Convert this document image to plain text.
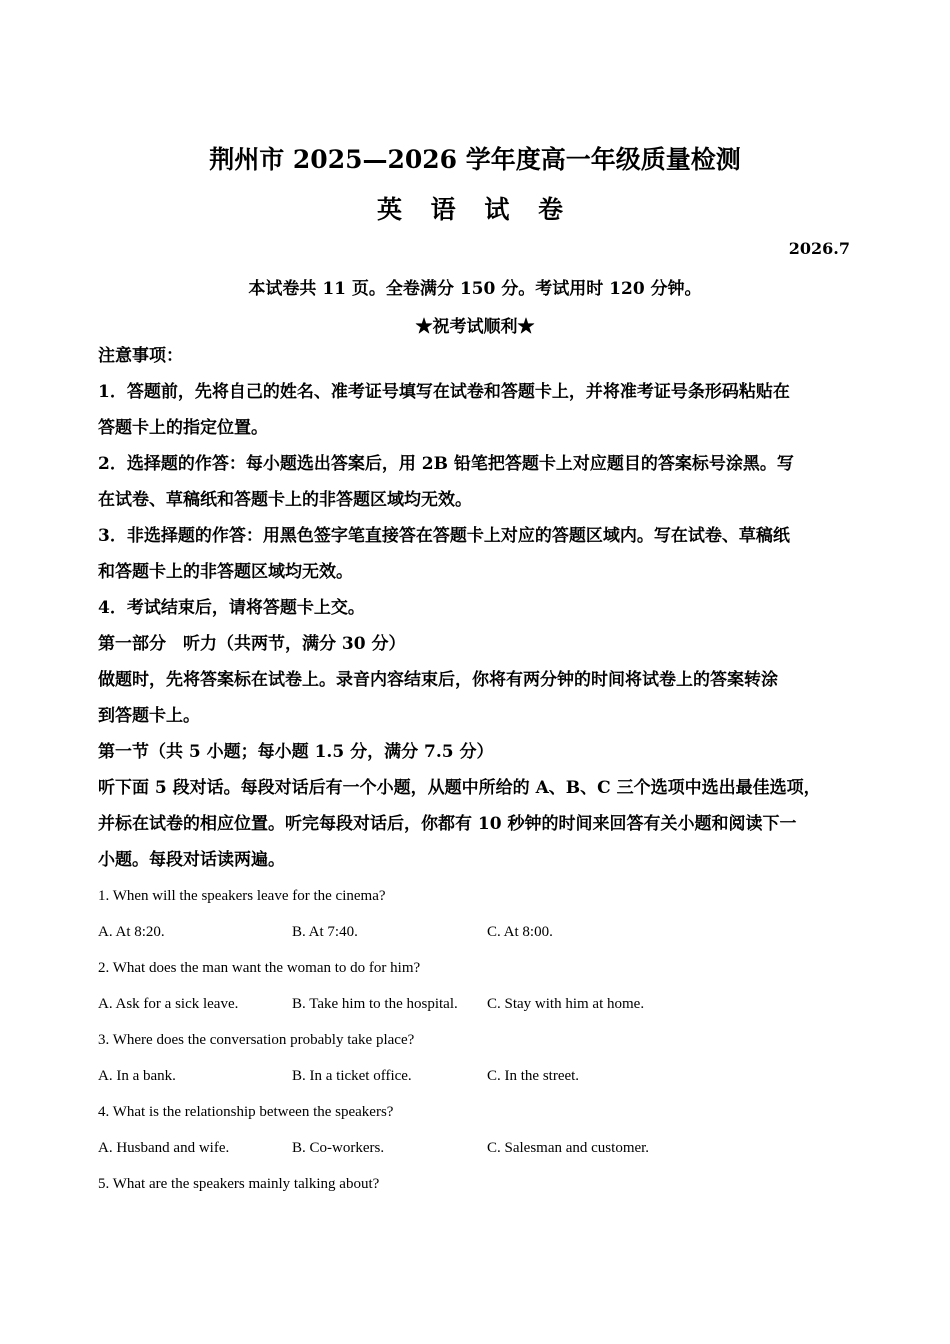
荆州市 2025—2026 学年度高一年级质量检测
英 语 试 卷
2026.7
本试卷共 11 页。全卷满分 150 分。考试用时 120 分钟。
★祝考试顺利★
注意事项：
1．答题前，先将自己的姓名、准考证号填写在试卷和答题卡上，并将准考证号条形码粘贴在
答题卡上的指定位置。
2．选择题的作答：每小题选出答案后，用 2B 铅笔把答题卡上对应题目的答案标号涂黑。写
在试卷、草稿纸和答题卡上的非答题区域均无效。
3．非选择题的作答：用黑色签字笔直接答在答题卡上对应的答题区域内。写在试卷、草稿纸
和答题卡上的非答题区域均无效。
4．考试结束后，请将答题卡上交。
第一部分　听力（共两节，满分 30 分）
做题时，先将答案标在试卷上。录音内容结束后，你将有两分钟的时间将试卷上的答案转涂
到答题卡上。
第一节（共 5 小题；每小题 1.5 分，满分 7.5 分）
听下面 5 段对话。每段对话后有一个小题，从题中所给的 A、B、C 三个选项中选出最佳选项，
并标在试卷的相应位置。听完每段对话后，你都有 10 秒钟的时间来回答有关小题和阅读下一
小题。每段对话读两遍。
1. When will the speakers leave for the cinema?
A. At 8:20.	B. At 7:40.	C. At 8:00.
2. What does the man want the woman to do for him?
A. Ask for a sick leave.	B. Take him to the hospital. C. Stay with him at home.
3. Where does the conversation probably take place?
A. In a bank.	B. In a ticket office.	C. In the street.
4. What is the relationship between the speakers?
A. Husband and wife.	B. Co-workers.	C. Salesman and customer.
5. What are the speakers mainly talking about?
